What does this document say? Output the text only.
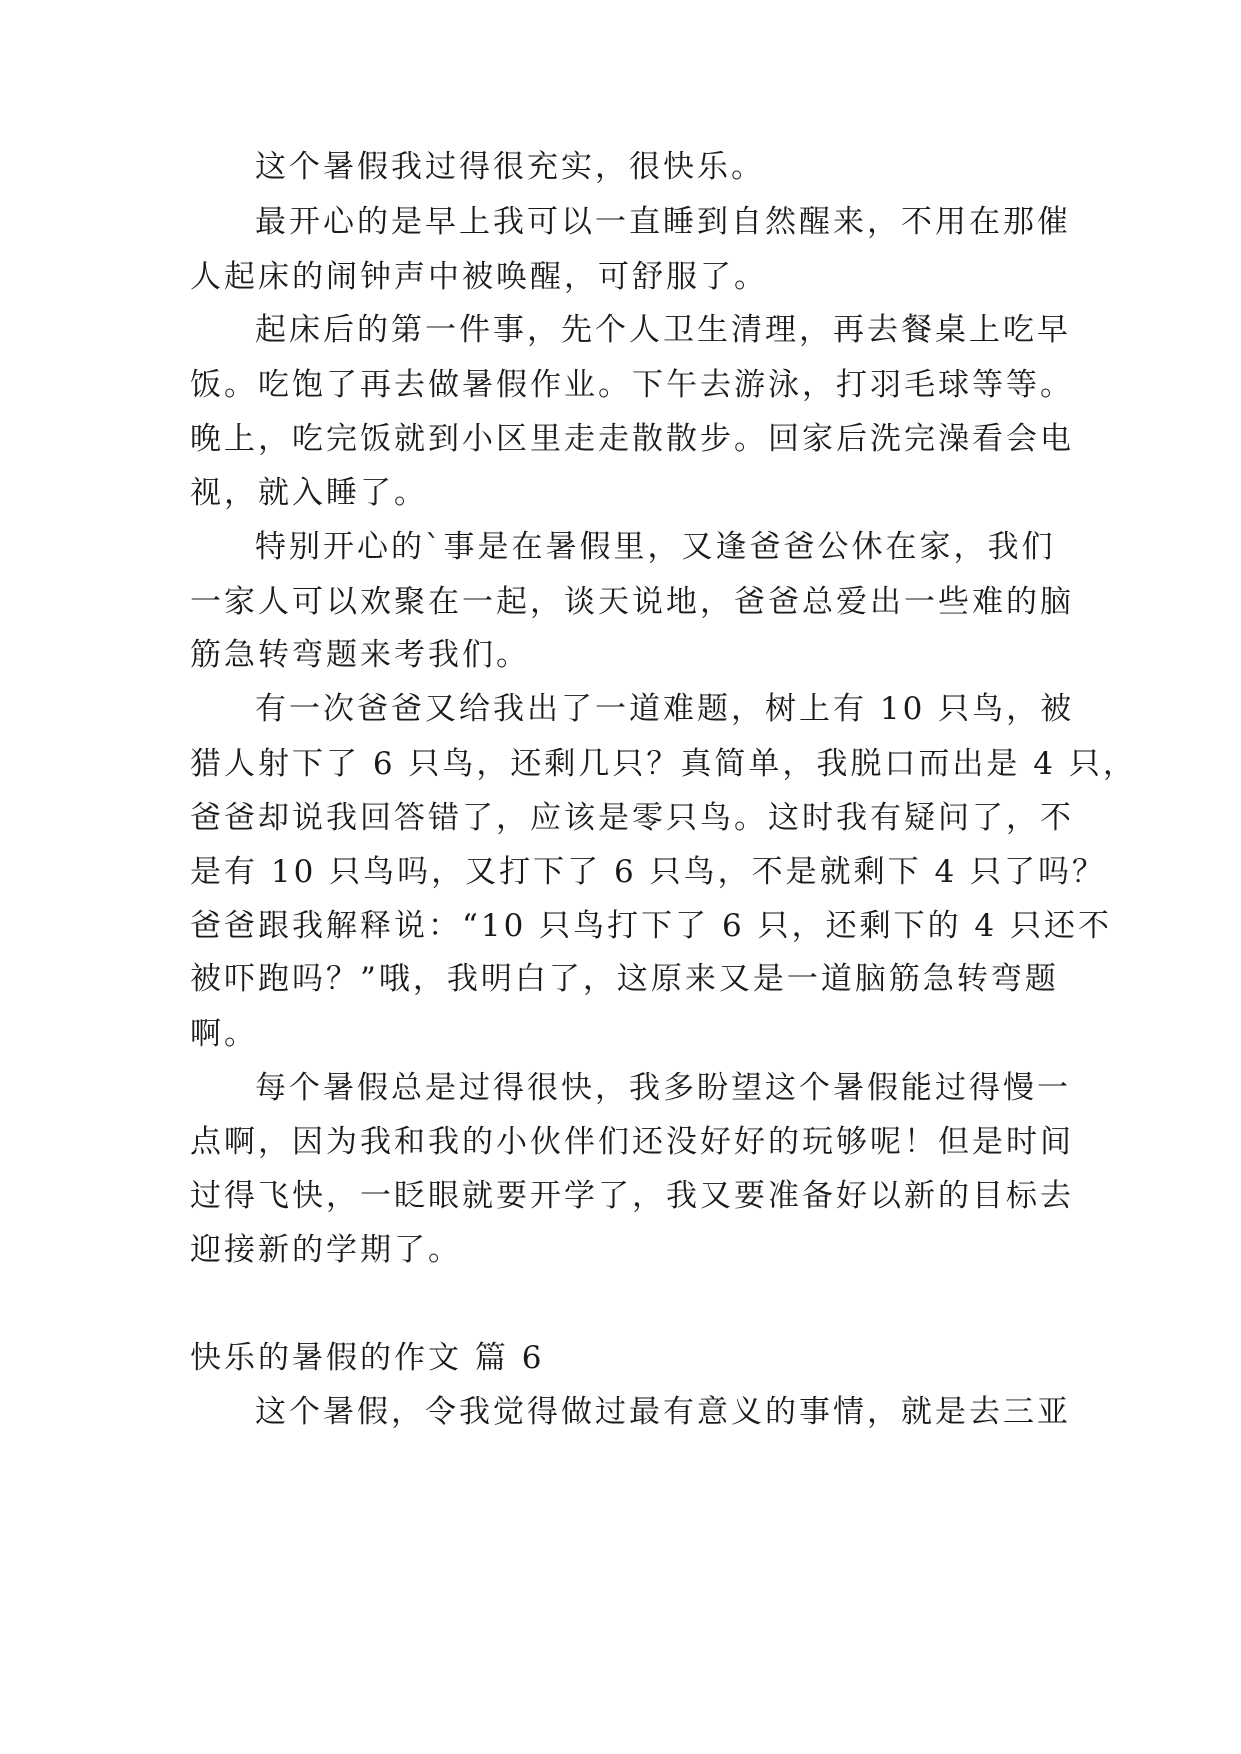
这个暑假我过得很充实，很快乐。
最开心的是早上我可以一直睡到自然醒来，不用在那催
人起床的闹钟声中被唤醒，可舒服了。
起床后的第一件事，先个人卫生清理，再去餐桌上吃早
饭。吃饱了再去做暑假作业。下午去游泳，打羽毛球等等。
晚上，吃完饭就到小区里走走散散步。回家后洗完澡看会电
视，就入睡了。
特别开心的`事是在暑假里，又逢爸爸公休在家，我们
一家人可以欢聚在一起，谈天说地，爸爸总爱出一些难的脑
筋急转弯题来考我们。
有一次爸爸又给我出了一道难题，树上有 10 只鸟，被
猎人射下了 6 只鸟，还剩几只？真简单，我脱口而出是 4 只，
爸爸却说我回答错了，应该是零只鸟。这时我有疑问了，不
是有 10 只鸟吗，又打下了 6 只鸟，不是就剩下 4 只了吗？
爸爸跟我解释说：“10 只鸟打下了 6 只，还剩下的 4 只还不
被吓跑吗？”哦，我明白了，这原来又是一道脑筋急转弯题
啊。
每个暑假总是过得很快，我多盼望这个暑假能过得慢一
点啊，因为我和我的小伙伴们还没好好的玩够呢！但是时间
过得飞快，一眨眼就要开学了，我又要准备好以新的目标去
迎接新的学期了。
快乐的暑假的作文 篇 6
这个暑假，令我觉得做过最有意义的事情，就是去三亚
